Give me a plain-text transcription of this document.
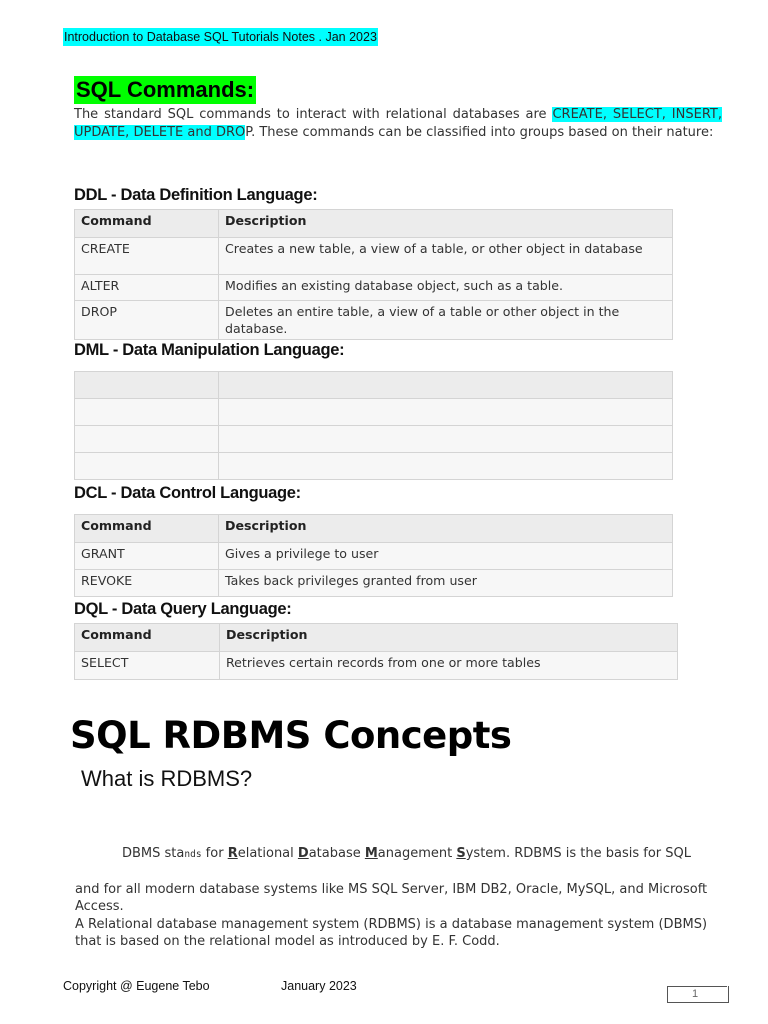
Introduction to Database SQL Tutorials Notes . Jan 2023
SQL Commands:
The standard SQL commands to interact with relational databases are CREATE, SELECT, INSERT, UPDATE, DELETE and DROP. These commands can be classified into groups based on their nature:
DDL - Data Definition Language:
Command	Description
CREATE	Creates a new table, a view of a table, or other object in database
ALTER	Modifies an existing database object, such as a table.
DROP	Deletes an entire table, a view of a table or other object in the database.
DML - Data Manipulation Language:

DCL - Data Control Language:
Command	Description
GRANT	Gives a privilege to user
REVOKE	Takes back privileges granted from user
DQL - Data Query Language:
Command	Description
SELECT	Retrieves certain records from one or more tables
SQL RDBMS Concepts
What is RDBMS?
DBMS stands for Relational Database Management System. RDBMS is the basis for SQL
and for all modern database systems like MS SQL Server, IBM DB2, Oracle, MySQL, and Microsoft Access.
A Relational database management system (RDBMS) is a database management system (DBMS) that is based on the relational model as introduced by E. F. Codd.
Copyright @ Eugene Tebo	January 2023
1
